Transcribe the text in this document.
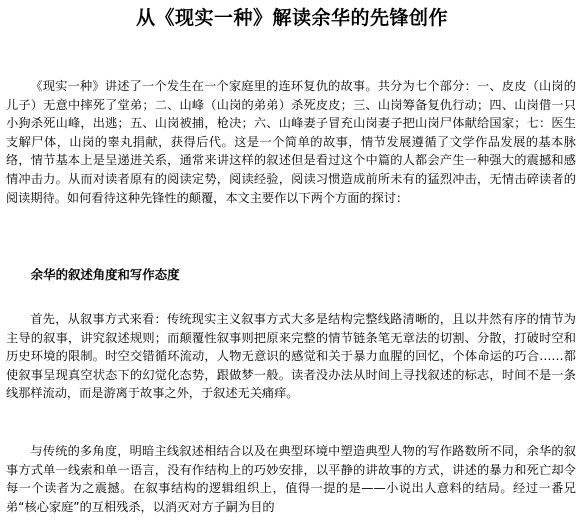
从《现实一种》解读余华的先锋创作

《现实一种》讲述了一个发生在一个家庭里的连环复仇的故事。共分为七个部分：一、皮皮（山岗的儿子）无意中摔死了堂弟；二、山峰（山岗的弟弟）杀死皮皮；三、山岗筹备复仇行动；四、山岗借一只小狗杀死山峰，出逃；五、山岗被捕，枪决；六、山峰妻子冒充山岗妻子把山岗尸体献给国家；七：医生支解尸体，山岗的睾丸捐献，获得后代。这是一个简单的故事，情节发展遵循了文学作品发展的基本脉络，情节基本上是呈递进关系，通常来讲这样的叙述但是看过这个中篇的人都会产生一种强大的震撼和感情冲击力。从而对读者原有的阅读定势，阅读经验，阅读习惯造成前所未有的猛烈冲击，无情击碎读者的阅读期待。如何看待这种先锋性的颠覆，本文主要作以下两个方面的探讨：

余华的叙述角度和写作态度

首先，从叙事方式来看：传统现实主义叙事方式大多是结构完整线路清晰的，且以井然有序的情节为主导的叙事，讲究叙述规则；而颠覆性叙事则把原来完整的情节链条笔无章法的切割、分散，打破时空和历史环境的限制。时空交错循环流动，人物无意识的感觉和关于暴力血腥的回忆，个体命运的巧合……都使叙事呈现真空状态下的幻觉化态势，跟做梦一般。读者没办法从时间上寻找叙述的标志，时间不是一条线那样流动，而是游离于故事之外，于叙述无关痛痒。

与传统的多角度，明暗主线叙述相结合以及在典型环境中塑造典型人物的写作路数所不同，余华的叙事方式单一线索和单一语言，没有作结构上的巧妙安排，以平静的讲故事的方式，讲述的暴力和死亡却令每一个读者为之震撼。在叙事结构的逻辑组织上，值得一提的是——小说出人意料的结局。经过一番兄弟“核心家庭”的互相残杀，以消灭对方子嗣为目的
